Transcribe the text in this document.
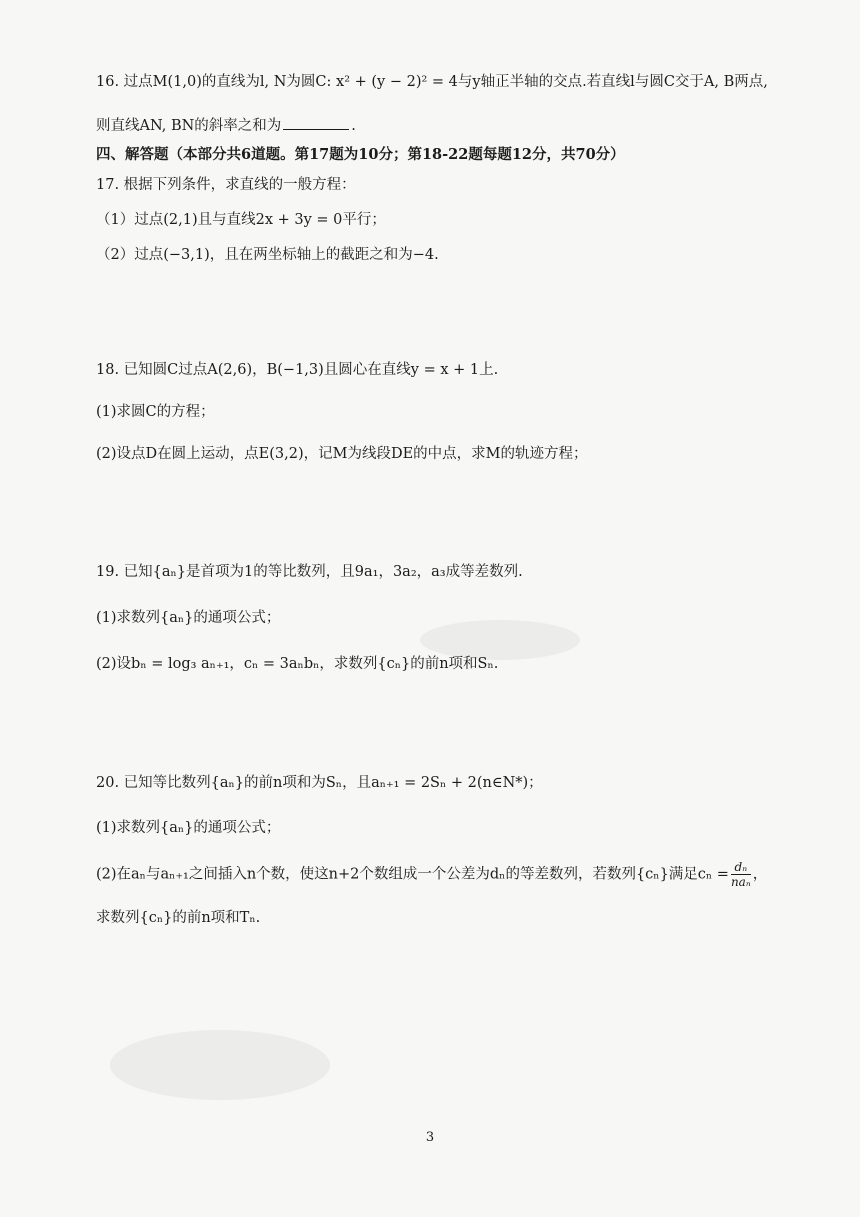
16. 过点M(1,0)的直线为l, N为圆C: x² + (y − 2)² = 4与y轴正半轴的交点.若直线l与圆C交于A, B两点,
则直线AN, BN的斜率之和为	.
四、解答题（本部分共6道题。第17题为10分；第18-22题每题12分，共70分）
17. 根据下列条件，求直线的一般方程：
（1）过点(2,1)且与直线2x + 3y = 0平行；
（2）过点(−3,1)，且在两坐标轴上的截距之和为−4.
18. 已知圆C过点A(2,6)，B(−1,3)且圆心在直线y = x + 1上.
(1)求圆C的方程；
(2)设点D在圆上运动，点E(3,2)，记M为线段DE的中点，求M的轨迹方程；
19. 已知{aₙ}是首项为1的等比数列，且9a₁，3a₂，a₃成等差数列.
(1)求数列{aₙ}的通项公式；
(2)设bₙ = log₃ aₙ₊₁，cₙ = 3aₙbₙ，求数列{cₙ}的前n项和Sₙ.
20. 已知等比数列{aₙ}的前n项和为Sₙ，且aₙ₊₁ = 2Sₙ + 2(n∈N*)；
(1)求数列{aₙ}的通项公式；
(2)在aₙ与aₙ₊₁之间插入n个数，使这n+2个数组成一个公差为dₙ的等差数列，若数列{cₙ}满足$c_n = \frac{\text{dₙ}}{\text{naₙ}}$ ，
求数列{cₙ}的前n项和Tₙ.
3
